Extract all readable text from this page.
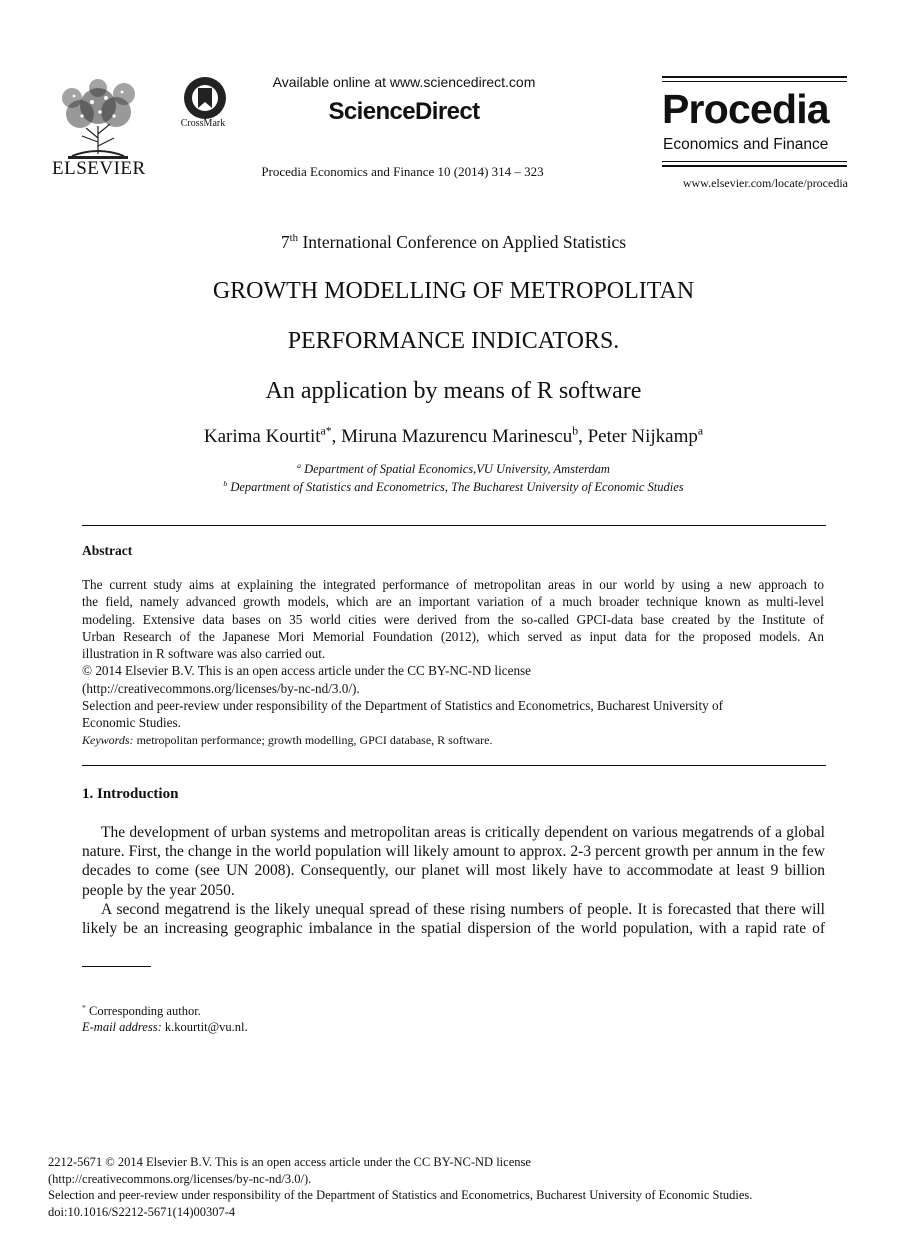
ELSEVIER
CrossMark
Available online at www.sciencedirect.com
ScienceDirect
Procedia Economics and Finance 10 (2014) 314 – 323
Procedia
Economics and Finance
www.elsevier.com/locate/procedia
7th International Conference on Applied Statistics
GROWTH MODELLING OF METROPOLITAN
PERFORMANCE INDICATORS.
An application by means of R software
Karima Kourtit$^{a*}$, Miruna Mazurencu Marinescu$^b$, Peter Nijkamp$^a$
$^a$ Department of Spatial Economics,VU University, Amsterdam
$^b$ Department of Statistics and Econometrics, The Bucharest University of Economic Studies
Abstract
The current study aims at explaining the integrated performance of metropolitan areas in our world by using a new approach to
the field, namely advanced growth models, which are an important variation of a much broader technique known as multi-level
modeling. Extensive data bases on 35 world cities were derived from the so-called GPCI-data base created by the Institute of
Urban Research of the Japanese Mori Memorial Foundation (2012), which served as input data for the proposed models. An
illustration in R software was also carried out.
© 2014 Elsevier B.V. This is an open access article under the CC BY-NC-ND license
(http://creativecommons.org/licenses/by-nc-nd/3.0/).
Selection and peer-review under responsibility of the Department of Statistics and Econometrics, Bucharest University of
Economic Studies.
Keywords: metropolitan performance; growth modelling, GPCI database, R software.
1. Introduction

The development of urban systems and metropolitan areas is critically dependent on various megatrends of a global nature. First, the change in the world population will likely amount to approx. 2-3 percent growth per annum in the few decades to come (see UN 2008). Consequently, our planet will most likely have to accommodate at least 9 billion people by the year 2050.

A second megatrend is the likely unequal spread of these rising numbers of people. It is forecasted that there will likely be an increasing geographic imbalance in the spatial dispersion of the world population, with a rapid rate of

* Corresponding author.
E-mail address: k.kourtit@vu.nl.
2212-5671 © 2014 Elsevier B.V. This is an open access article under the CC BY-NC-ND license
(http://creativecommons.org/licenses/by-nc-nd/3.0/).
Selection and peer-review under responsibility of the Department of Statistics and Econometrics, Bucharest University of Economic Studies.
doi:10.1016/S2212-5671(14)00307-4
